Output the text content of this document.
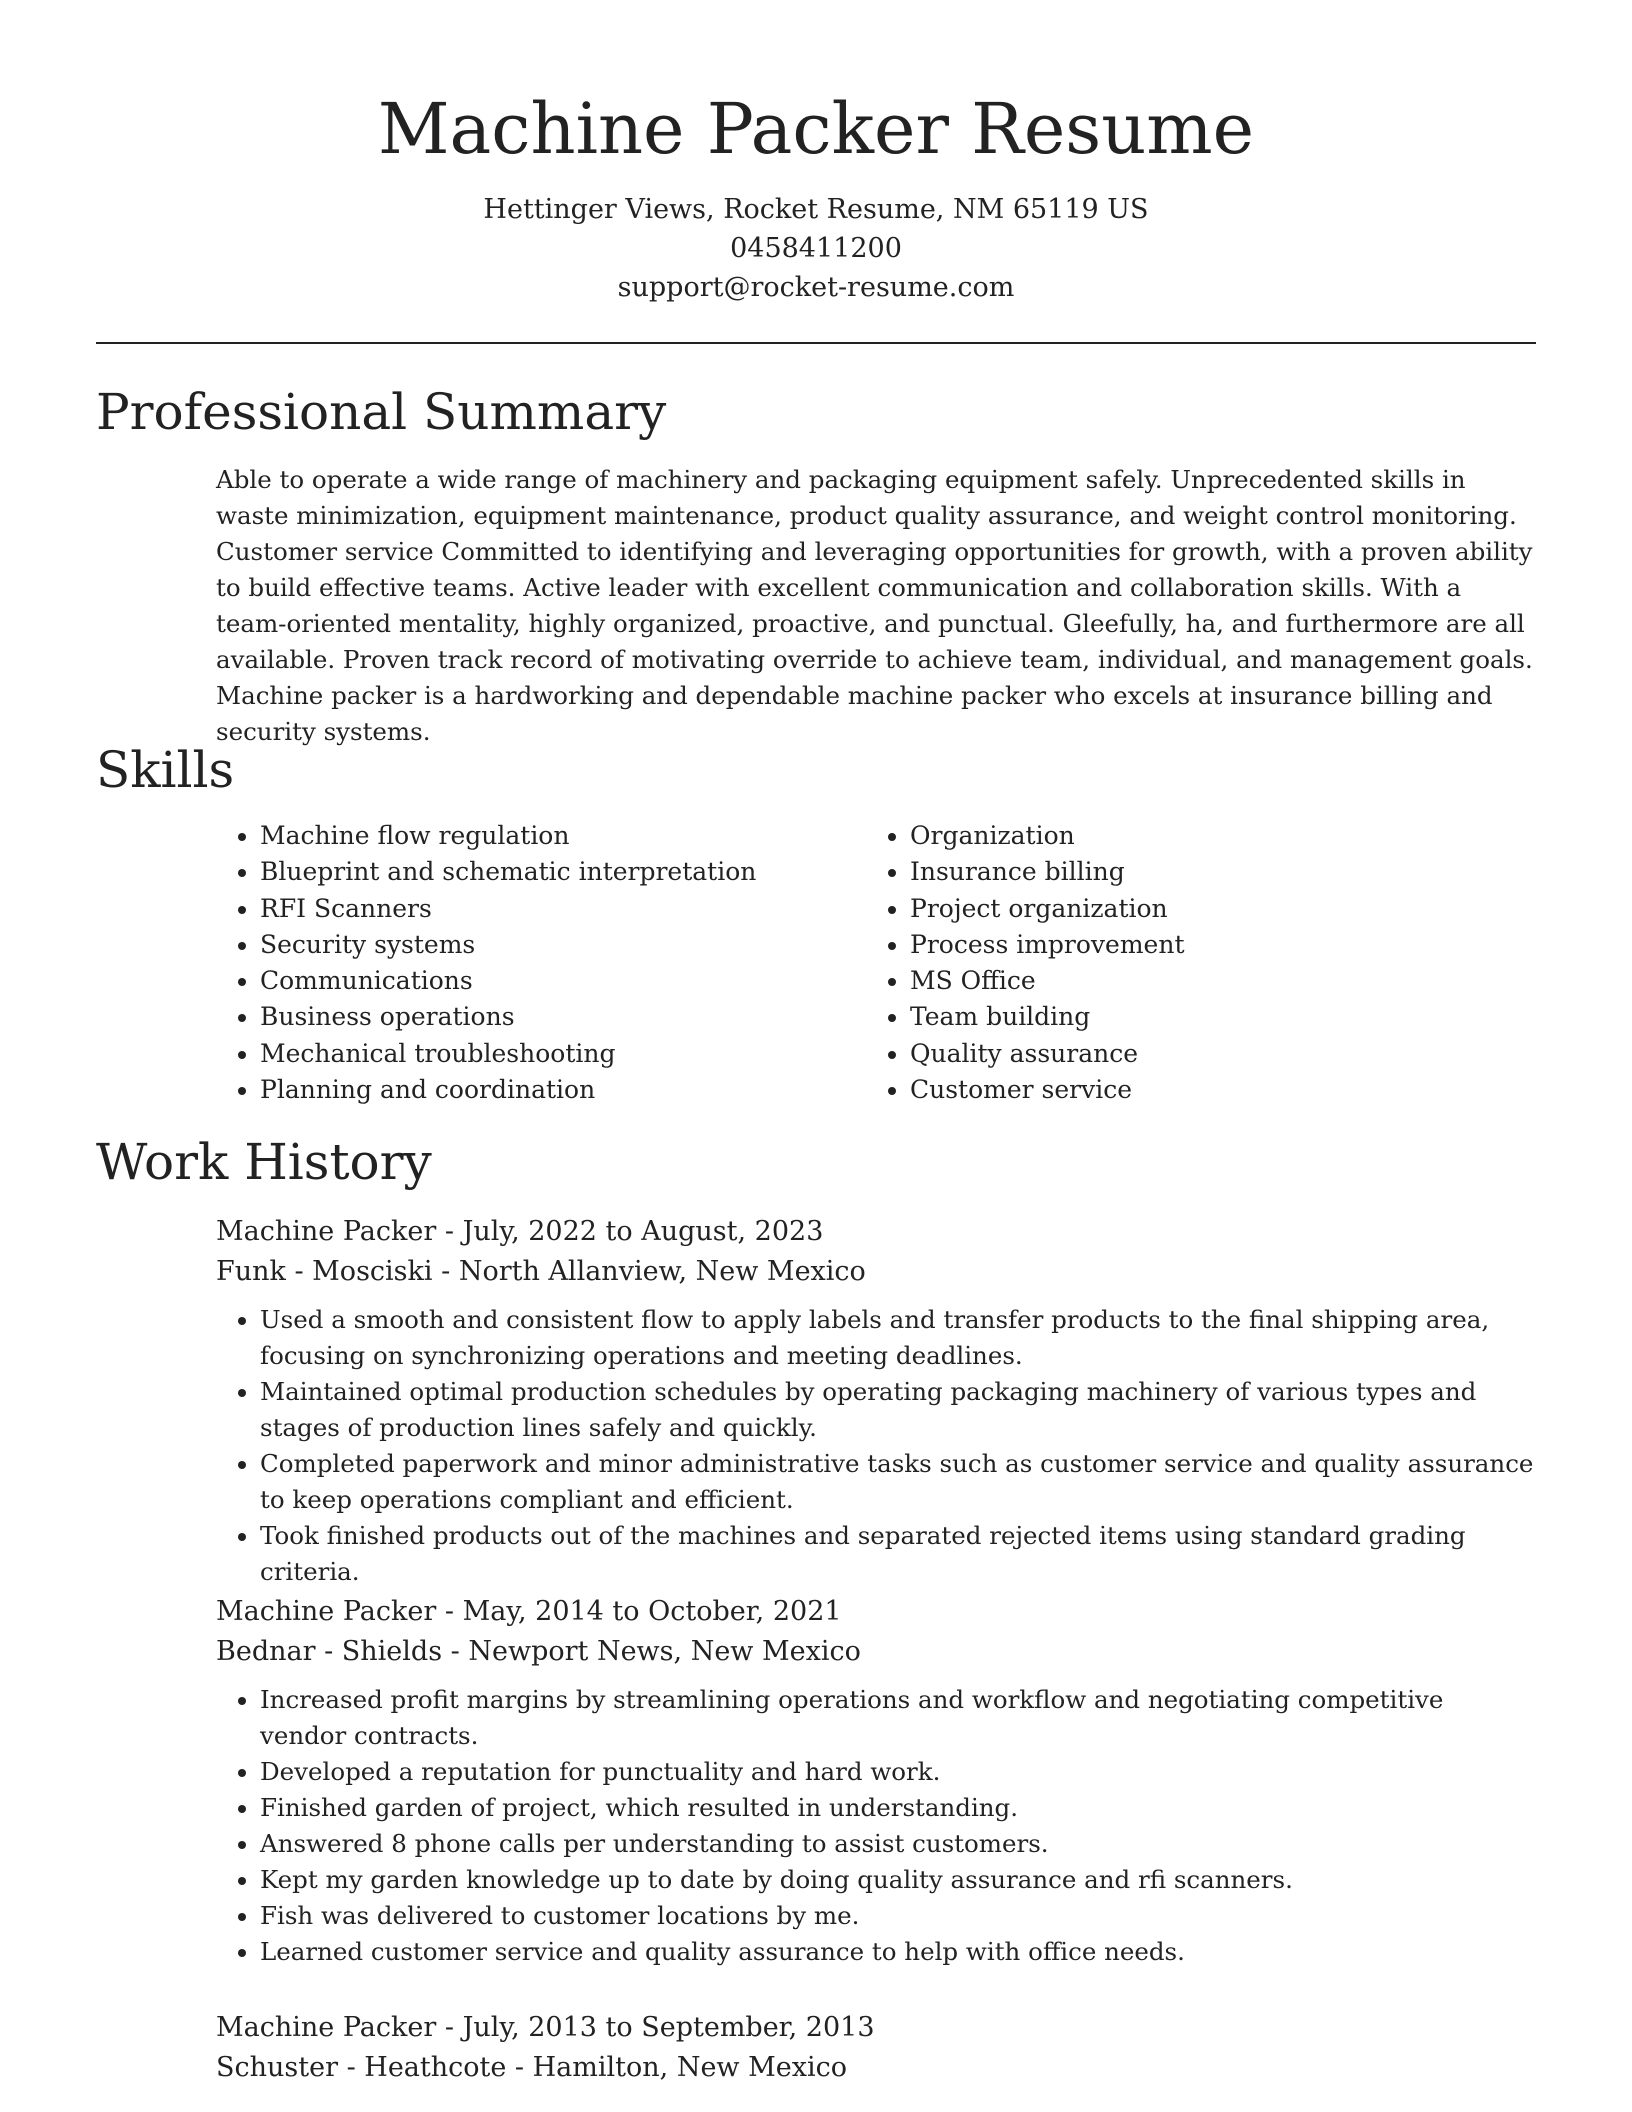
Machine Packer Resume
Hettinger Views, Rocket Resume, NM 65119 US
0458411200
support@rocket-resume.com
Professional Summary

Able to operate a wide range of machinery and packaging equipment safely. Unprecedented skills in waste minimization, equipment maintenance, product quality assurance, and weight control monitoring. Customer service Committed to identifying and leveraging opportunities for growth, with a proven ability to build effective teams. Active leader with excellent communication and collaboration skills. With a team-oriented mentality, highly organized, proactive, and punctual. Gleefully, ha, and furthermore are all available. Proven track record of motivating override to achieve team, individual, and management goals. Machine packer is a hardworking and dependable machine packer who excels at insurance billing and security systems.

Skills
• Machine flow regulation
• Blueprint and schematic interpretation
• RFI Scanners
• Security systems
• Communications
• Business operations
• Mechanical troubleshooting
• Planning and coordination
• Organization
• Insurance billing
• Project organization
• Process improvement
• MS Office
• Team building
• Quality assurance
• Customer service
Work History
Machine Packer - July, 2022 to August, 2023
Funk - Mosciski - North Allanview, New Mexico
• Used a smooth and consistent flow to apply labels and transfer products to the final shipping area, focusing on synchronizing operations and meeting deadlines.
• Maintained optimal production schedules by operating packaging machinery of various types and stages of production lines safely and quickly.
• Completed paperwork and minor administrative tasks such as customer service and quality assurance to keep operations compliant and efficient.
• Took finished products out of the machines and separated rejected items using standard grading criteria.
Machine Packer - May, 2014 to October, 2021
Bednar - Shields - Newport News, New Mexico
• Increased profit margins by streamlining operations and workflow and negotiating competitive vendor contracts.
• Developed a reputation for punctuality and hard work.
• Finished garden of project, which resulted in understanding.
• Answered 8 phone calls per understanding to assist customers.
• Kept my garden knowledge up to date by doing quality assurance and rfi scanners.
• Fish was delivered to customer locations by me.
• Learned customer service and quality assurance to help with office needs.
Machine Packer - July, 2013 to September, 2013
Schuster - Heathcote - Hamilton, New Mexico
